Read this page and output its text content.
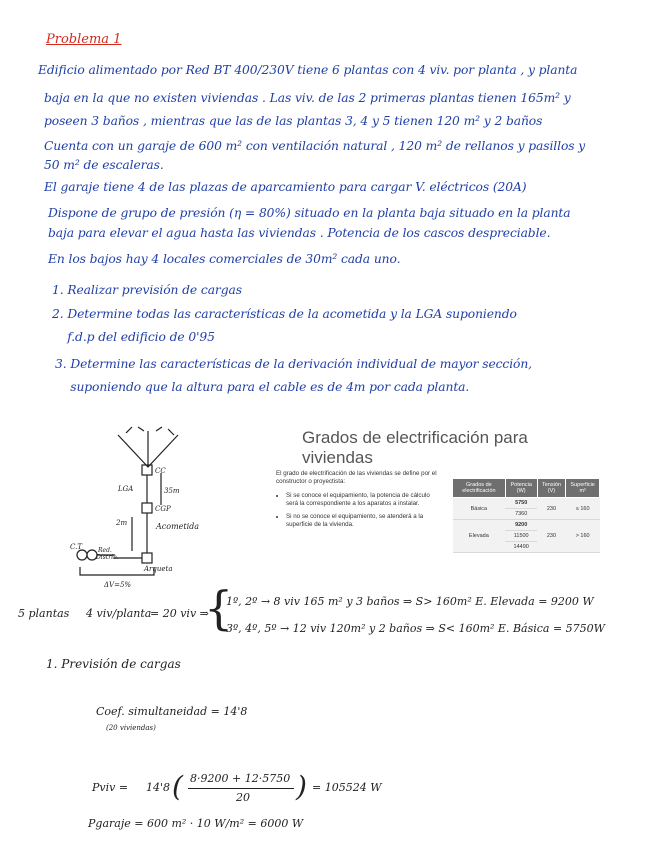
Problema 1
Edificio alimentado por Red BT 400/230V tiene 6 plantas con 4 viv. por planta , y planta
baja en la que no existen viviendas . Las viv. de las 2 primeras plantas tienen 165m² y
poseen 3 baños , mientras que las de las plantas 3, 4 y 5 tienen 120 m² y 2 baños
Cuenta con un garaje de 600 m² con ventilación natural , 120 m² de rellanos y pasillos y
50 m² de escaleras.
El garaje tiene 4 de las plazas de aparcamiento para cargar V. eléctricos (20A)
Dispone de grupo de presión (η = 80%) situado en la planta baja situado en la planta
baja para elevar el agua hasta las viviendas . Potencia de los cascos despreciable.
En los bajos hay 4 locales comerciales de 30m² cada uno.
1. Realizar previsión de cargas
2. Determine todas las características de la acometida y la LGA suponiendo
f.d.p del edificio de 0'95
3. Determine las características de la derivación individual de mayor sección,
suponiendo que la altura para el cable es de 4m por cada planta.
CC
LGA	35m
CGP
2m	Acometida
C.T	Red.
Distrib.
Arqueta
ΔV=5%
Grados de electrificación para viviendas
El grado de electrificación de las viviendas se define por el constructor o proyectista:
• Si se conoce el equipamiento, la potencia de cálculo será la correspondiente a los aparatos a instalar.
• Si no se conoce el equipamiento, se atenderá a la superficie de la vivienda.
Grados de electrificación	Potencia (W)	Tensión (V)	Superficie m²
Básica	5750	230	≤ 160
	7360		
Elevada	9200	230	> 160
	11500		
	14490		
5 plantas 4 viv/planta
= 20 viv ⇒
{
1º, 2º → 8 viv 165 m² y 3 baños ⇒ S> 160m² E. Elevada = 9200 W
3º, 4º, 5º → 12 viv 120m² y 2 baños ⇒ S< 160m² E. Básica = 5750W
1. Previsión de cargas
Coef. simultaneidad = 14'8
(20 viviendas)
Pviv = 14'8 ( 8·9200 + 12·5750
20 ) = 105524 W
Pgaraje = 600 m² · 10 W/m² = 6000 W
